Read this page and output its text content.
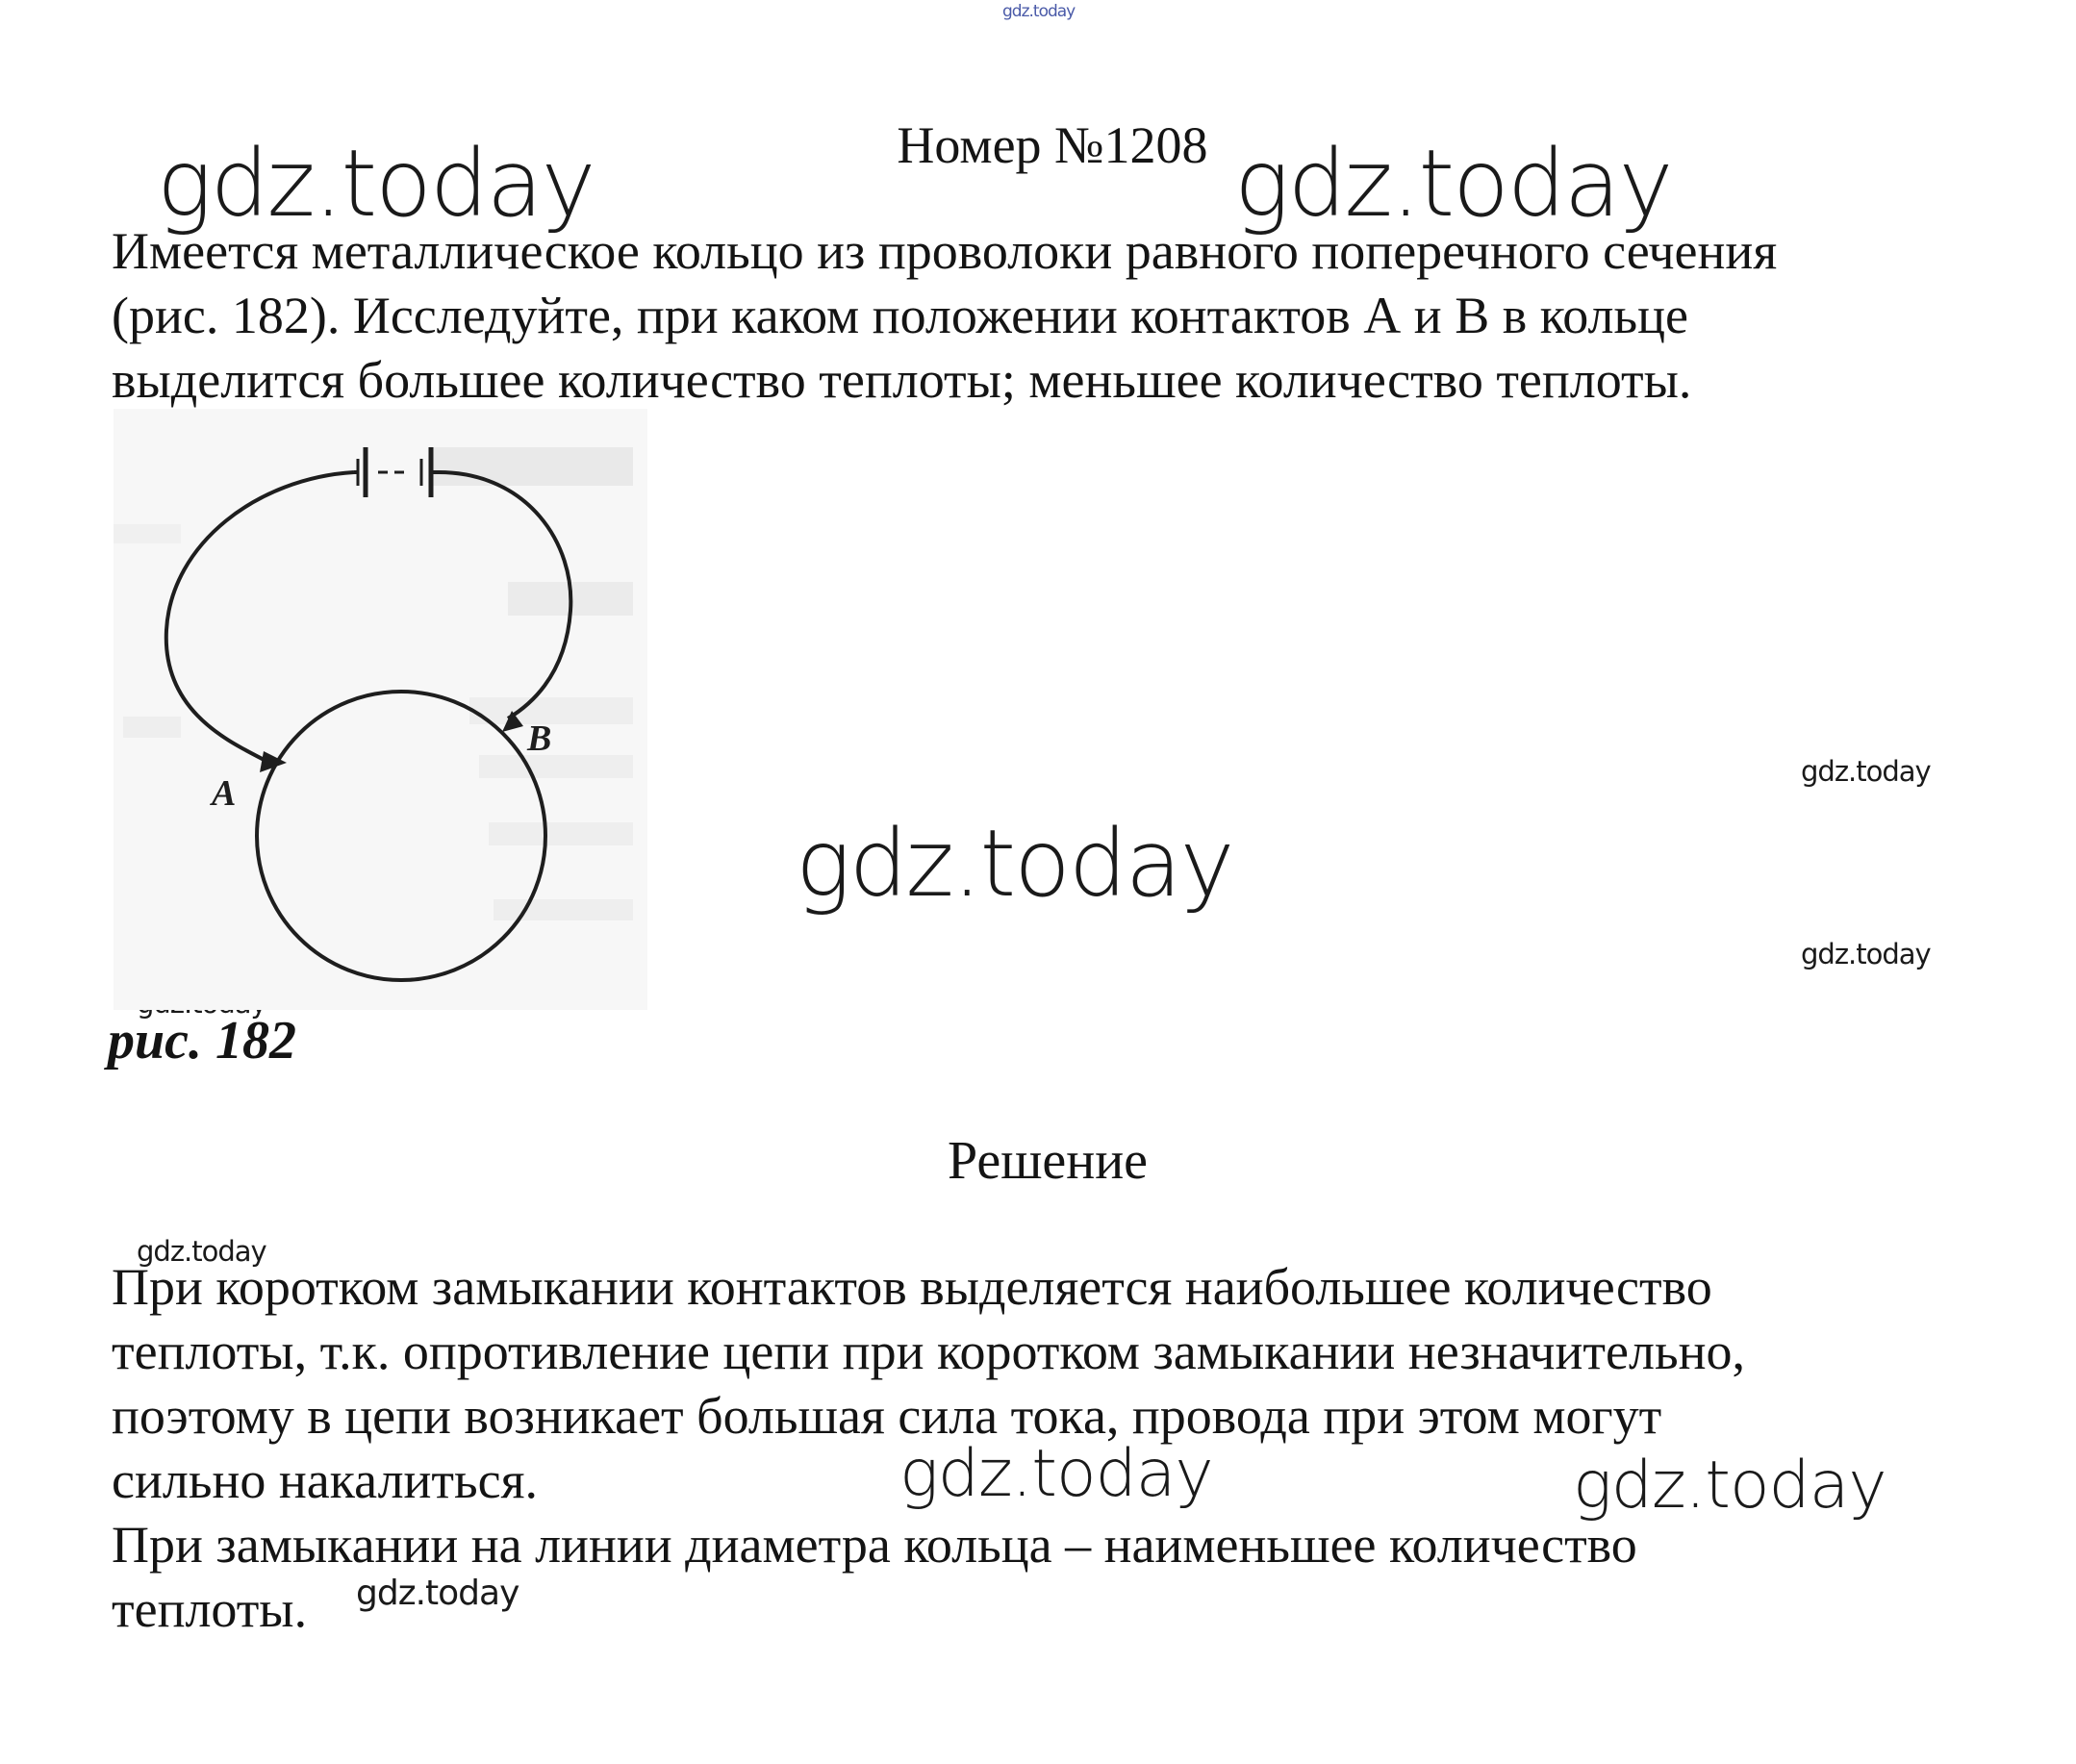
gdz.today
gdz.today	gdz.today
gdz.today
gdz.today	gdz.today
gdz.today
gdz.today
gdz.today
gdz.today
Номер №1208
Имеется металлическое кольцо из проволоки равного поперечного сечения
(рис. 182). Исследуйте, при каком положении контактов А и В в кольце
выделится большее количество теплоты; меньшее количество теплоты.
A
B
рис. 182
Решение
При коротком замыкании контактов выделяется наибольшее количество
теплоты, т.к. опротивление цепи при коротком замыкании незначительно,
поэтому в цепи возникает большая сила тока, провода при этом могут
сильно накалиться.
При замыкании на линии диаметра кольца – наименьшее количество
теплоты.
